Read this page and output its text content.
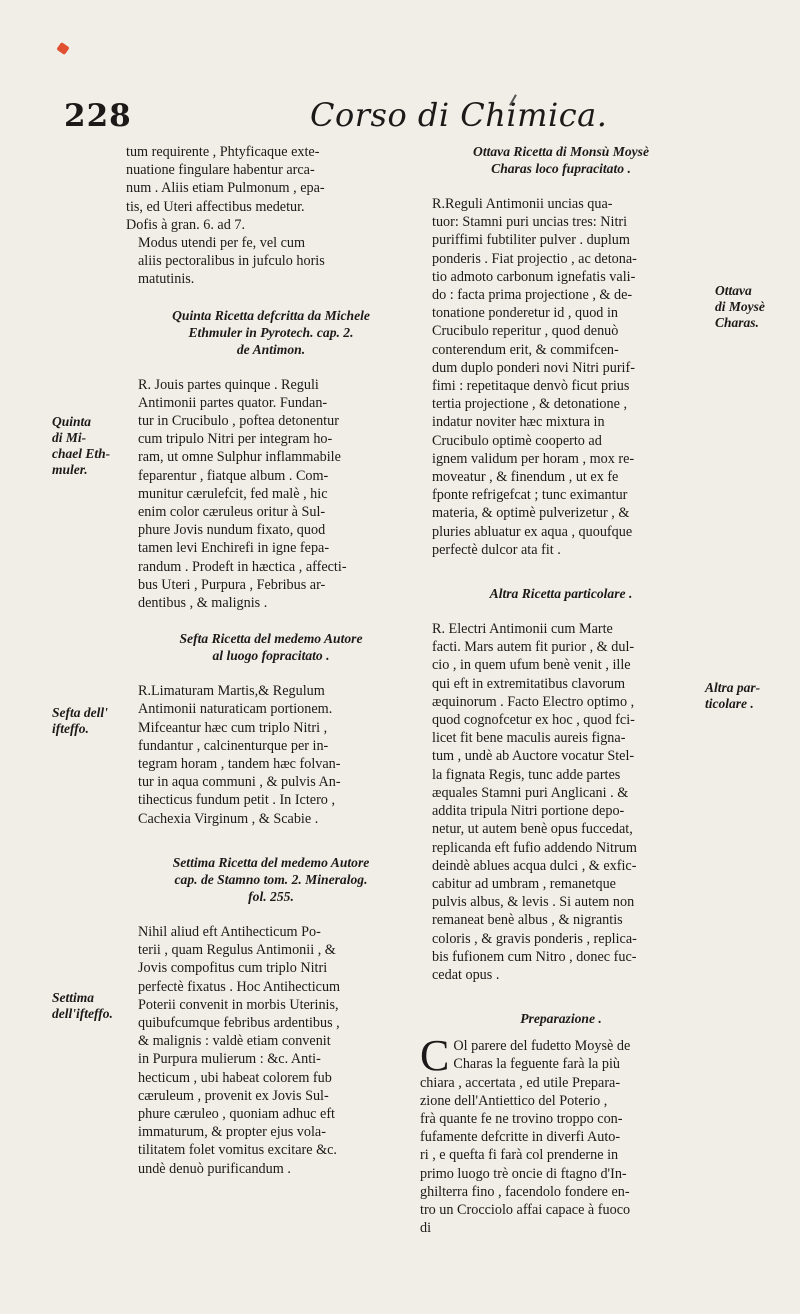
228	Corso di Chimica.

tum requirente , Phtyficaque exte-
nuatione fingulare habentur arca-
num . Aliis etiam Pulmonum , epa-
tis, ed Uteri affectibus medetur.
Dofis à gran. 6. ad 7.

Modus utendi per fe, vel cum
aliis pectoralibus in jufculo horis
matutinis.

Quinta Ricetta defcritta da Michele
Ethmuler in Pyrotech. cap. 2.
de Antimon.

R. Jouis partes quinque . Reguli
Antimonii partes quator. Fundan-
tur in Crucibulo , poftea detonentur
cum tripulo Nitri per integram ho-
ram, ut omne Sulphur inflammabile
feparentur , fiatque album . Com-
munitur cærulefcit, fed malè , hic
enim color cæruleus oritur à Sul-
phure Jovis nundum fixato, quod
tamen levi Enchirefi in igne fepa-
randum . Prodeft in hæctica , affecti-
bus Uteri , Purpura , Febribus ar-
dentibus , & malignis .

Sefta Ricetta del medemo Autore
al luogo fopracitato .

R.Limaturam Martis,& Regulum
Antimonii naturaticam portionem.
Mifceantur hæc cum triplo Nitri ,
fundantur , calcinenturque per in-
tegram horam , tandem hæc folvan-
tur in aqua communi , & pulvis An-
tihecticus fundum petit . In Ictero ,
Cachexia Virginum , & Scabie .

Settima Ricetta del medemo Autore
cap. de Stamno tom. 2. Mineralog.
fol. 255.

Nihil aliud eft Antihecticum Po-
terii , quam Regulus Antimonii , &
Jovis compofitus cum triplo Nitri
perfectè fixatus . Hoc Antihecticum
Poterii convenit in morbis Uterinis,
quibufcumque febribus ardentibus ,
& malignis : valdè etiam convenit
in Purpura mulierum : &c. Anti-
hecticum , ubi habeat colorem fub
cæruleum , provenit ex Jovis Sul-
phure cæruleo , quoniam adhuc eft
immaturum, & propter ejus vola-
tilitatem folet vomitus excitare &c.
undè denuò purificandum .

Ottava Ricetta di Monsù Moysè
Charas loco fupracitato .

R.Reguli Antimonii uncias qua-
tuor: Stamni puri uncias tres: Nitri
puriffimi fubtiliter pulver . duplum
ponderis . Fiat projectio , ac detona-
tio admoto carbonum ignefatis vali-
do : facta prima projectione , & de-
tonatione ponderetur id , quod in
Crucibulo reperitur , quod denuò
conterendum erit, & commifcen-
dum duplo ponderi novi Nitri purif-
fimi : repetitaque denvò ficut prius
tertia projectione , & detonatione ,
indatur noviter hæc mixtura in
Crucibulo optimè cooperto ad
ignem validum per horam , mox re-
moveatur , & finendum , ut ex fe
fponte refrigefcat ; tunc eximantur
materia, & optimè pulverizetur , &
pluries abluatur ex aqua , quoufque
perfectè dulcor ata fit .

Altra Ricetta particolare .

R. Electri Antimonii cum Marte
facti. Mars autem fit purior , & dul-
cio , in quem ufum benè venit , ille
qui eft in extremitatibus clavorum
æquinorum . Facto Electro optimo ,
quod cognofcetur ex hoc , quod fci-
licet fit bene maculis aureis figna-
tum , undè ab Auctore vocatur Stel-
la fignata Regis, tunc adde partes
æquales Stamni puri Anglicani . &
addita tripula Nitri portione depo-
netur, ut autem benè opus fuccedat,
replicanda eft fufio addendo Nitrum
deindè ablues acqua dulci , & exfic-
cabitur ad umbram , remanetque
pulvis albus, & levis . Si autem non
remaneat benè albus , & nigrantis
coloris , & gravis ponderis , replica-
bis fufionem cum Nitro , donec fuc-
cedat opus .

Preparazione .

C Ol parere del fudetto Moysè de
Charas la feguente farà la più
chiara , accertata , ed utile Prepara-
zione dell'Antiettico del Poterio ,
frà quante fe ne trovino troppo con-
fufamente defcritte in diverfi Auto-
ri , e quefta fi farà col prenderne in
primo luogo trè oncie di ftagno d'In-
ghilterra fino , facendolo fondere en-
tro un Crocciolo affai capace à fuoco
di

Quinta
di Mi-
chael Eth-
muler.
Sefta dell'
ifteffo.
Settima
dell'ifteffo.
Ottava
di Moysè
Charas.
Altra par-
ticolare .
